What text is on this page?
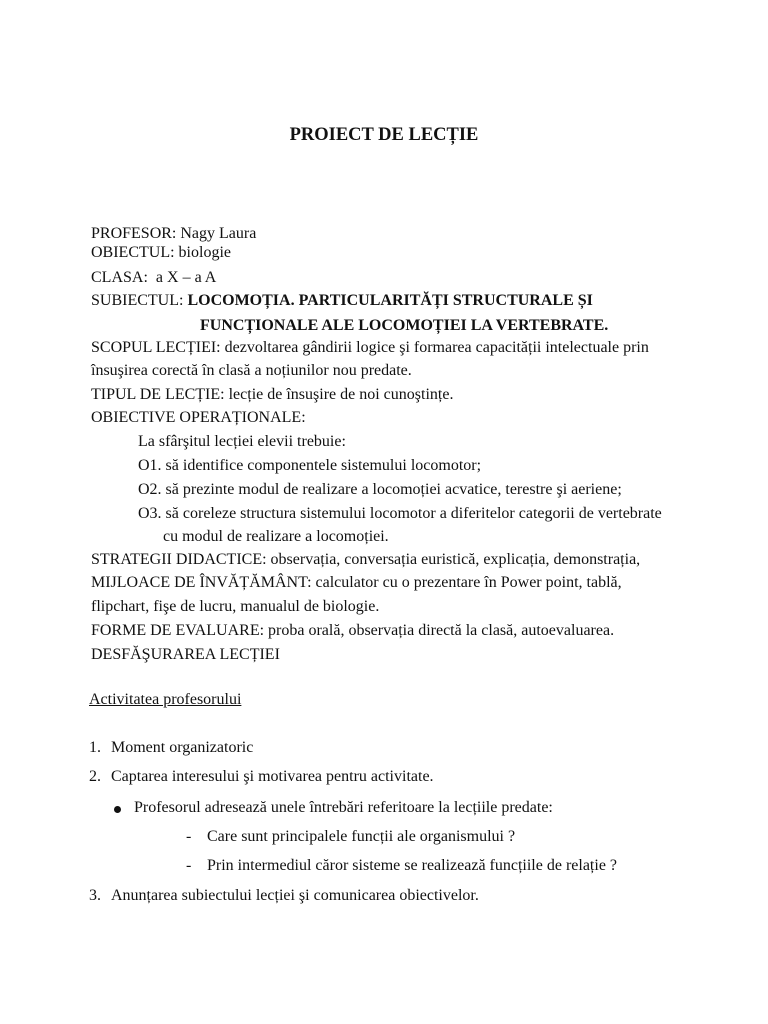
PROIECT DE LECȚIE
PROFESOR: Nagy Laura
OBIECTUL: biologie
CLASA: a X – a A
SUBIECTUL: LOCOMOȚIA. PARTICULARITĂȚI STRUCTURALE ȘI
FUNCȚIONALE ALE LOCOMOȚIEI LA VERTEBRATE.
SCOPUL LECȚIEI: dezvoltarea gândirii logice şi formarea capacității intelectuale prin
însuşirea corectă în clasă a noțiunilor nou predate.
TIPUL DE LECȚIE: lecție de însuşire de noi cunoştințe.
OBIECTIVE OPERAȚIONALE:
La sfârşitul lecției elevii trebuie:
O1. să identifice componentele sistemului locomotor;
O2. să prezinte modul de realizare a locomoției acvatice, terestre şi aeriene;
O3. să coreleze structura sistemului locomotor a diferitelor categorii de vertebrate
cu modul de realizare a locomoției.
STRATEGII DIDACTICE: observația, conversația euristică, explicația, demonstrația,
MIJLOACE DE ÎNVĂȚĂMÂNT: calculator cu o prezentare în Power point, tablă,
flipchart, fişe de lucru, manualul de biologie.
FORME DE EVALUARE: proba orală, observația directă la clasă, autoevaluarea.
DESFĂŞURAREA LECȚIEI
Activitatea profesorului
1. Moment organizatoric
2. Captarea interesului şi motivarea pentru activitate.
Profesorul adresează unele întrebări referitoare la lecțiile predate:
- Care sunt principalele funcții ale organismului ?
- Prin intermediul căror sisteme se realizează funcțiile de relație ?
3. Anunțarea subiectului lecției şi comunicarea obiectivelor.
